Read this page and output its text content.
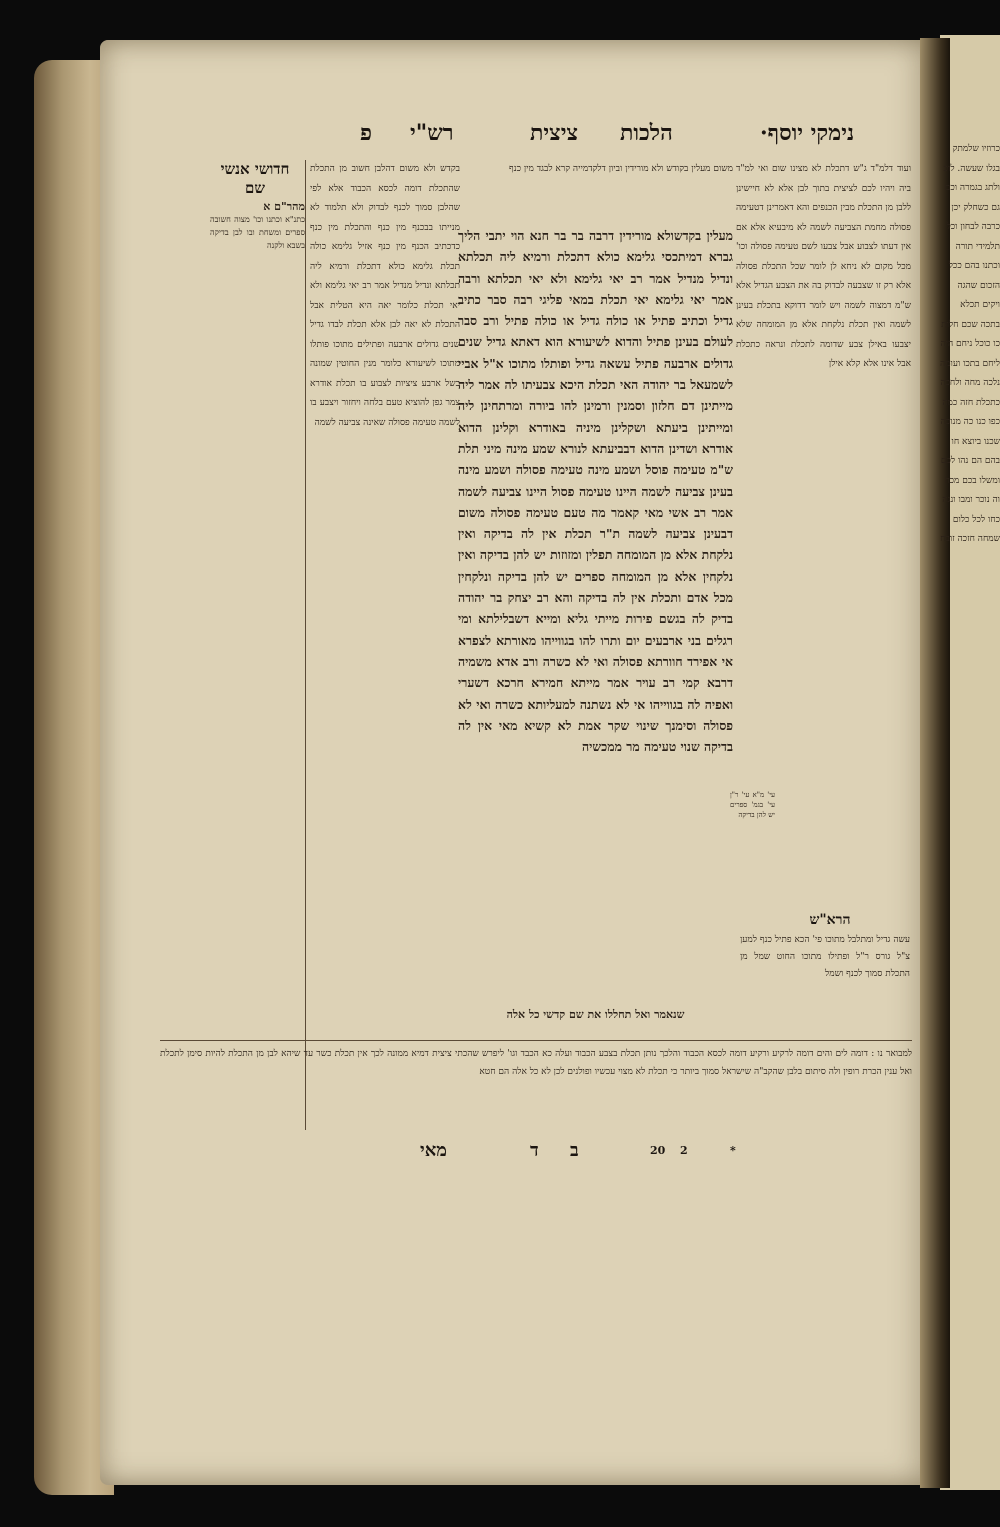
פ רש"י	ציצית הלכות	·נימקי יוסף
חדושי אנשי שם
מהר"ם א
כתנ"א וכתנו וכו' מצוה חשובה ספרים ומשחת ובו לבן בדיקה בשבא ולקנה
בקדש ולא משום דהלבן חשוב מן התכלת שהתכלת דומה לכסא הכבוד אלא לפי שהלבן סמוך לכנף לבדוק ולא תלמוד לא מנייתו בבכנף מין כנף והתכלת מין כנף כדכתיב הכנף מין כנף אזיל גלימא כולה תכלת גלימא כולא דתכלת ורמיא ליה תכלתא ונדיל מנדיל אמר רב יאי גלימא ולא יאי תכלת כלומר יאה היא הטלית אבל התכלת לא יאה לבן אלא תכלת לבדו גדיל שנים גדולים ארבעה ופתילים מתוכו פותלו מתוכו לשיעורא כלומר מנין החוטין שמונה כשל ארבע ציציות לצבוע בו תכלת אודרא צמר גפן להוציא טעם בלחה ויחזור ויצבע בו לשמה טעימה פסולה שאינה צביעה לשמה
משום מעלין בקודש ולא מורידין וביון דלקדמייה קרא לבגד מין כנף
מעלין בקדשולא מורידין דרבה בר בר חנא הוי יתבי הליך גברא דמיתכסי גלימא כולא דתכלת ורמיא ליה תכלתא ונדיל מנדיל אמר רב יאי גלימא ולא יאי תכלתא ורבה אמר יאי גלימא יאי תכלת במאי פליגי רבה סבר כתיב גדיל וכתיב פתיל או כולה גדיל או כולה פתיל ורב סבר לעולם בעינן פתיל והדוא לשיעורא הוא דאתא גדיל שנים גדולים ארבעה פתיל עשאה גדיל ופותלו מתוכו א"ל אביי לשמעאל בר יהודה האי תכלת היכא צבעיתו לה אמר ליה מייתינן דם חלזון וסמנין ורמינן להו ביורה ומרתחינן ליה ומייתינן ביעתא ושקלינן מיניה באודרא וקלינן הדוא אודרא ושדינן הדוא דבביעתא לנורא שמע מינה מיני תלת ש"מ טעימה פוסל ושמע מינה טעימה פסולה ושמע מינה בעינן צביעה לשמה היינו טעימה פסול היינו צביעה לשמה אמר רב אשי מאי קאמר מה טעם טעימה פסולה משום דבעינן צביעה לשמה ת"ר תכלת אין לה בדיקה ואין נלקחת אלא מן המומחה תפלין ומזוזות יש להן בדיקה ואין נלקחין אלא מן המומחה ספרים יש להן בדיקה ונלקחין מכל אדם ותכלת אין לה בדיקה והא רב יצחק בר יהודה בדיק לה בגשם פירות מייתי גליא ומייא דשבלילתא ומי רגלים בני ארבעים יום ותרו להו בגווייהו מאורתא לצפרא אי אפירד חוורתא פסולה ואי לא כשרה ורב אדא משמיה דרבא קמי רב עויר אמר מייתא חמירא חרכא דשערי ואפיה לה בגווייהו אי לא נשתנה למעליותא כשרה ואי לא פסולה וסימנך שינוי שקר אמת לא קשיא מאי אין לה בדיקה שנוי טעימה מר ממכשיה
שנאמר ואל תחללו את שם קדשי כל אלה
ועוד דלמ"ד ג"ש דתכלת לא מצינו שום ואי למ"ד ביה ויהיו לכם לציצית בתוך לבן אלא לא חיישינן ללבן מן התכלת מבין הכנפים והא דאמרינן דטעימה פסולה מחמת הצביעה לשמה לא מיבעיא אלא אם אין דעתו לצבוע אבל צבעו לשם טעימה פסולה וכו' מכל מקום לא ניחא לן לומר שכל התכלת פסולה אלא רק זו שצבעה לבדוק בה את הצבע הגדיל אלא ש"מ דמצוה לשמה ויש לומר דדוקא בתכלת בעינן לשמה ואין תכלת נלקחת אלא מן המומחה שלא יצבעו באילן צבע שדומה לתכלת ונראה כתכלת אבל אינו אלא קלא אילן
עי' מ"א עי' ר"ן עי' בגמ' ספרים יש להן בדיקה
הרא"ש
עשה גדיל ומתלבל מתוכו פי' הכא פתיל כנף למען צ"ל גורס ר"ל ופתילו מתוכו החוט שמל מן התכלת סמוך לכנף ושמל
למבואר נו : דומה לים והים דומה לרקיע ורקיע דומה לכסא הכבוד והלכך נותן תכלת בצבע הכבוד ועלה כא הכבד וגו' ליפרש שהכתי ציצית דמיא ממונה לכך אין תכלת כשר עד שיהא לבן מן התכלת להיות סימן לתכלת ואל ענין הכרת רופין ולה סיתום בלבן שהקב"ה שישראל סמוך ביותר כי תכלת לא מצוי עכשיו ופולנים לכן לא כל אלה הם חטא
מאי	ד ב	20 2	*
כרוזיו שלמתק בגלו שעשה. לוכ ולתג בגמרה וכם גם כשחלק יכן כרבה לבחון וכל תלמידי תורה וכתנו בהם ככל הזכום שהגה ויקים תכלא בתכה שכם חלות כו כוכל ניחם היה ליחם בתכו ועומה נלכה מחה ולחכה כתכלת חזה כמה כפו כנו כה מנוכה שכנו ביוצא חו בהם הם נהו לכם ומשלו בכם מכה וה נוכר ומבו ונגה כחו לכל כלום שמחה חזכה זובח
